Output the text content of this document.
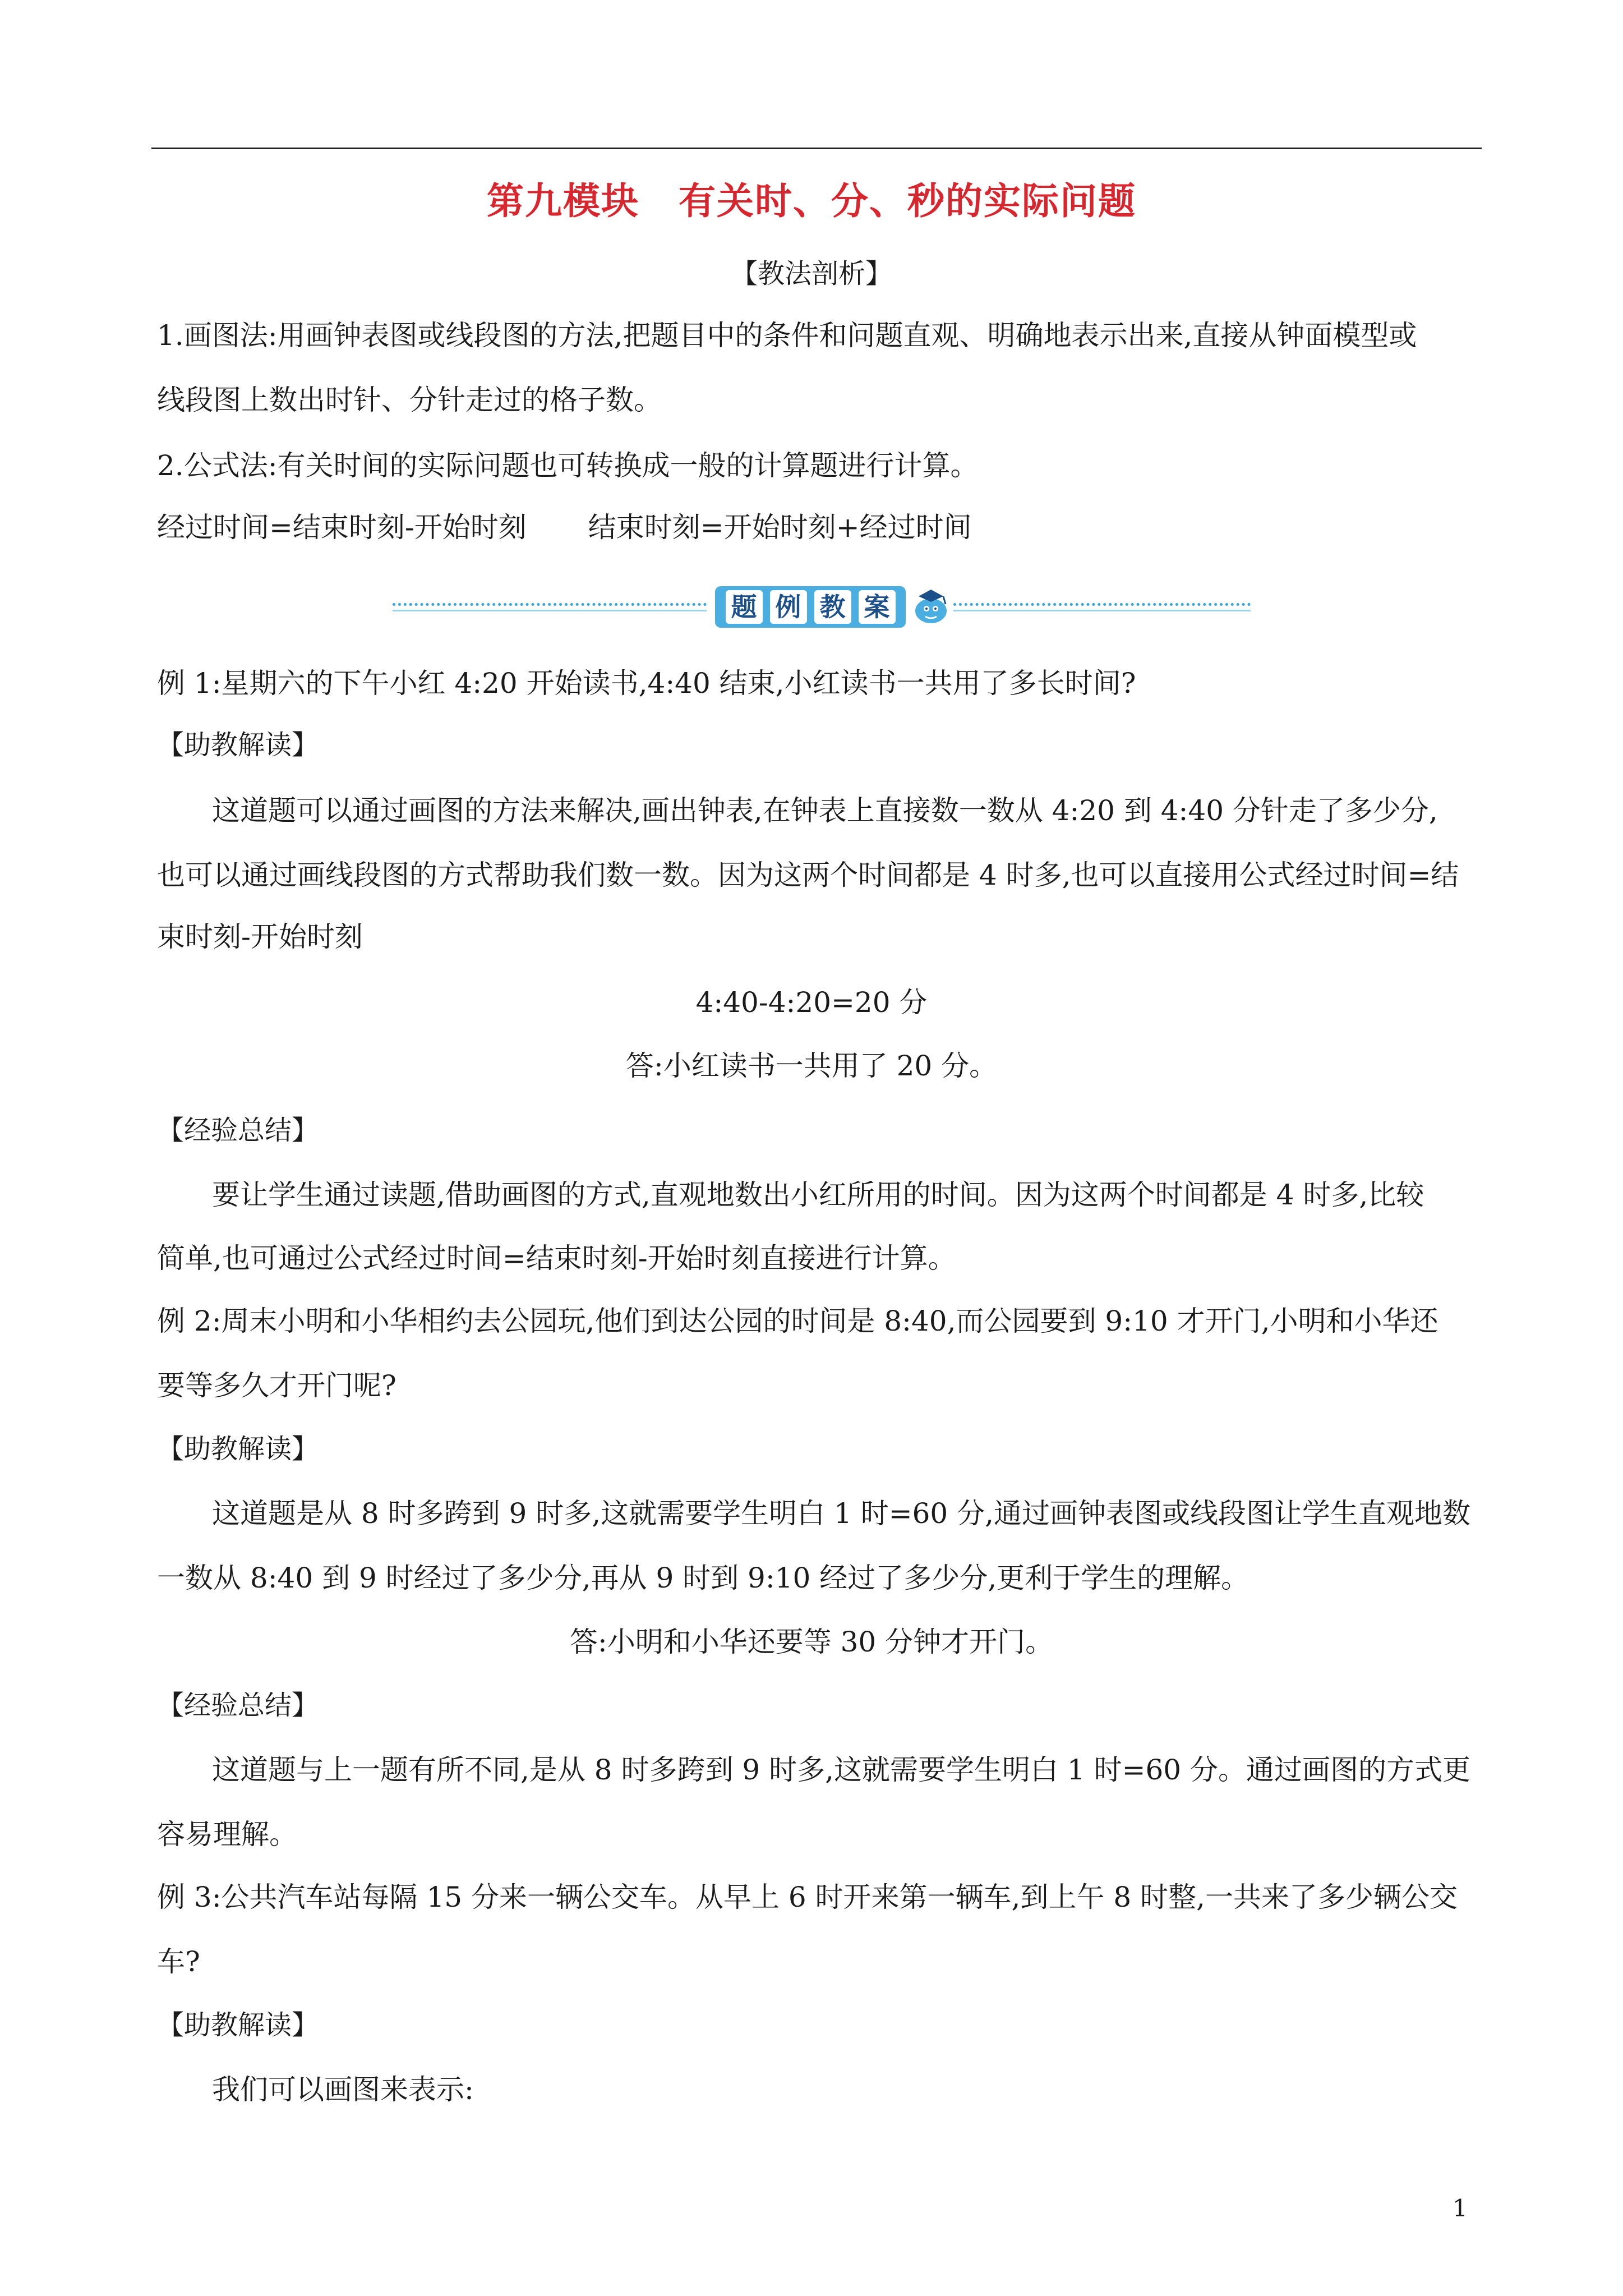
第九模块 有关时、分、秒的实际问题
【教法剖析】
1.画图法:用画钟表图或线段图的方法,把题目中的条件和问题直观、明确地表示出来,直接从钟面模型或
线段图上数出时针、分针走过的格子数。
2.公式法:有关时间的实际问题也可转换成一般的计算题进行计算。
经过时间=结束时刻-开始时刻 结束时刻=开始时刻+经过时间
题 例 教 案
例 1:星期六的下午小红 4:20 开始读书,4:40 结束,小红读书一共用了多长时间?
【助教解读】
这道题可以通过画图的方法来解决,画出钟表,在钟表上直接数一数从 4:20 到 4:40 分针走了多少分,
也可以通过画线段图的方式帮助我们数一数。因为这两个时间都是 4 时多,也可以直接用公式经过时间=结
束时刻-开始时刻
4:40-4:20=20 分
答:小红读书一共用了 20 分。
【经验总结】
要让学生通过读题,借助画图的方式,直观地数出小红所用的时间。因为这两个时间都是 4 时多,比较
简单,也可通过公式经过时间=结束时刻-开始时刻直接进行计算。
例 2:周末小明和小华相约去公园玩,他们到达公园的时间是 8:40,而公园要到 9:10 才开门,小明和小华还
要等多久才开门呢?
【助教解读】
这道题是从 8 时多跨到 9 时多,这就需要学生明白 1 时=60 分,通过画钟表图或线段图让学生直观地数
一数从 8:40 到 9 时经过了多少分,再从 9 时到 9:10 经过了多少分,更利于学生的理解。
答:小明和小华还要等 30 分钟才开门。
【经验总结】
这道题与上一题有所不同,是从 8 时多跨到 9 时多,这就需要学生明白 1 时=60 分。通过画图的方式更
容易理解。
例 3:公共汽车站每隔 15 分来一辆公交车。从早上 6 时开来第一辆车,到上午 8 时整,一共来了多少辆公交
车?
【助教解读】
我们可以画图来表示:
1
